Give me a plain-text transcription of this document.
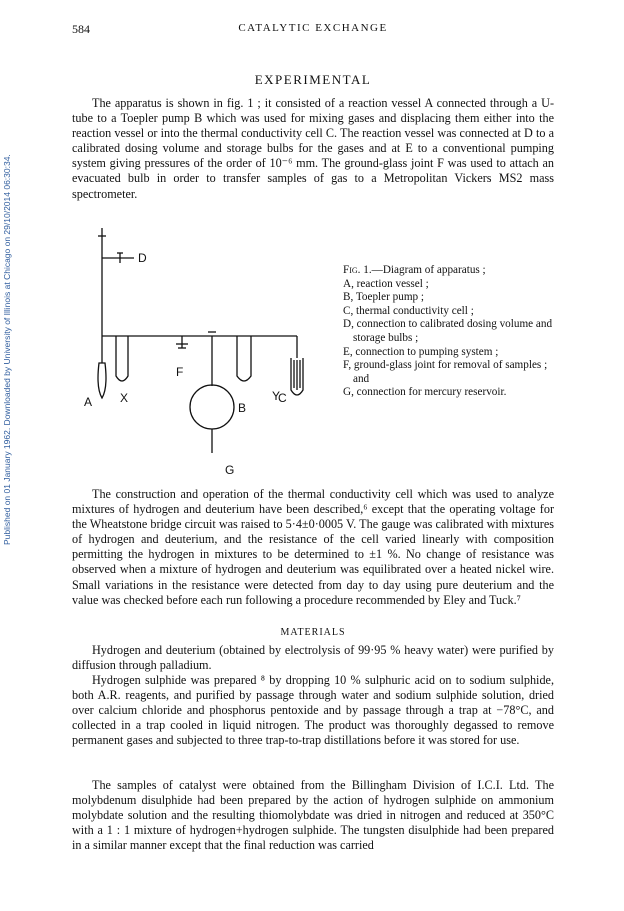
Published on 01 January 1962. Downloaded by University of Illinois at Chicago on 29/10/2014 06:30:34.
584	CATALYTIC EXCHANGE
EXPERIMENTAL

The apparatus is shown in fig. 1 ; it consisted of a reaction vessel A connected through a U-tube to a Toepler pump B which was used for mixing gases and displacing them either into the reaction vessel or into the thermal conductivity cell C. The reaction vessel was connected at D to a calibrated dosing volume and storage bulbs for the gases and at E to a conventional pumping system giving pressures of the order of 10⁻⁶ mm. The ground-glass joint F was used to attach an evacuated bulb in order to transfer samples of gas to a Metropolitan Vickers MS2 mass spectrometer.

D
A X
F
B
Y
C
G
Fig. 1.—Diagram of apparatus ;
A, reaction vessel ;
B, Toepler pump ;
C, thermal conductivity cell ;
D, connection to calibrated dosing volume and storage bulbs ;
E, connection to pumping system ;
F, ground-glass joint for removal of samples ; and
G, connection for mercury reservoir.

The construction and operation of the thermal conductivity cell which was used to analyze mixtures of hydrogen and deuterium have been described,⁶ except that the operating voltage for the Wheatstone bridge circuit was raised to 5·4±0·0005 V. The gauge was calibrated with mixtures of hydrogen and deuterium, and the resistance of the cell varied linearly with composition permitting the hydrogen in mixtures to be determined to ±1 %. No change of resistance was observed when a mixture of hydrogen and deuterium was equilibrated over a heated nickel wire. Small variations in the resistance were detected from day to day using pure deuterium and the value was checked before each run following a procedure recommended by Eley and Tuck.⁷

MATERIALS

Hydrogen and deuterium (obtained by electrolysis of 99·95 % heavy water) were purified by diffusion through palladium.

Hydrogen sulphide was prepared ⁸ by dropping 10 % sulphuric acid on to sodium sulphide, both A.R. reagents, and purified by passage through water and sodium sulphide solution, dried over calcium chloride and phosphorus pentoxide and by passage through a trap at −78°C, and collected in a trap cooled in liquid nitrogen. The product was thoroughly degassed to remove permanent gases and subjected to three trap-to-trap distillations before it was stored for use.

The samples of catalyst were obtained from the Billingham Division of I.C.I. Ltd. The molybdenum disulphide had been prepared by the action of hydrogen sulphide on ammonium molybdate solution and the resulting thiomolybdate was dried in nitrogen and reduced at 350°C with a 1 : 1 mixture of hydrogen+hydrogen sulphide. The tungsten disulphide had been prepared in a similar manner except that the final reduction was carried
